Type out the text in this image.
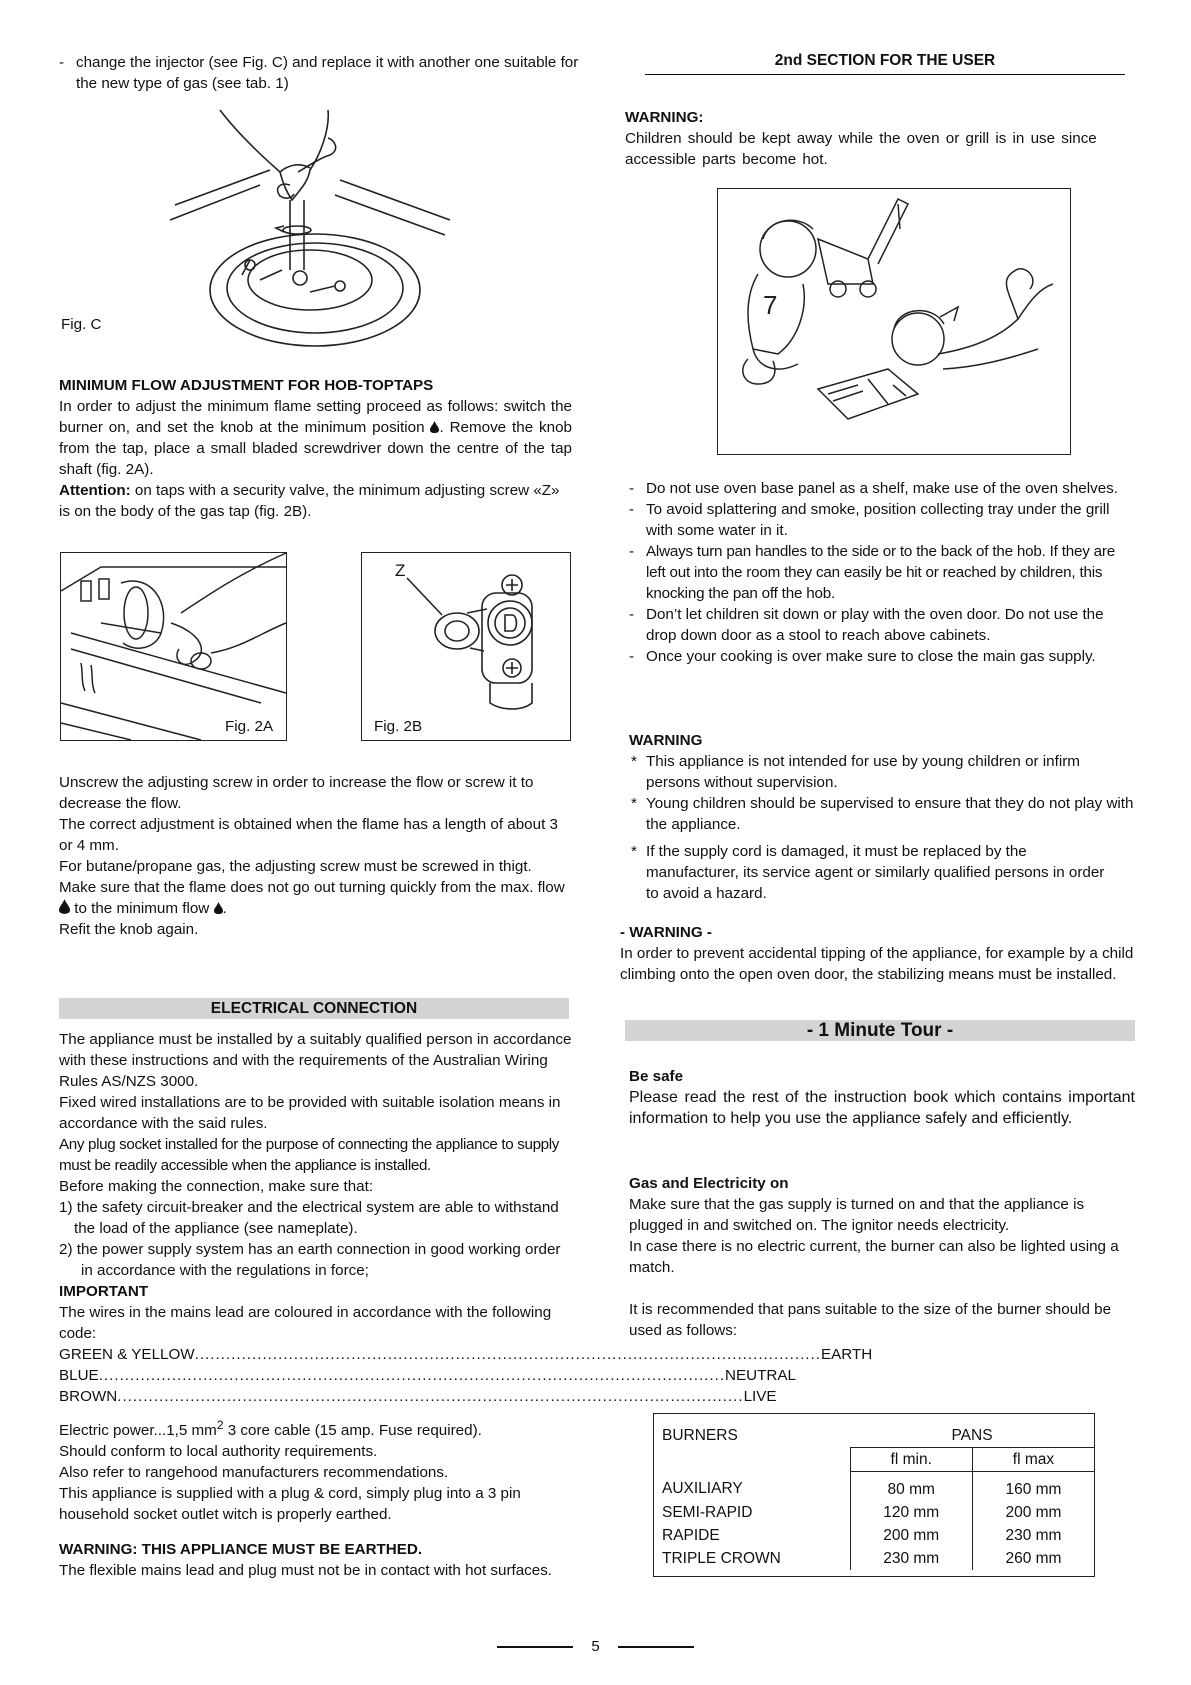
- change the injector (see Fig. C) and replace it with another one suitable for the new type of gas (see tab. 1)
Fig. C

MINIMUM FLOW ADJUSTMENT FOR HOB-TOPTAPS

In order to adjust the minimum flame setting proceed as follows: switch the burner on, and set the knob at the minimum position . Remove the knob from the tap, place a small bladed screwdriver down the centre of the tap shaft (fig. 2A).

Attention: on taps with a security valve, the minimum adjusting screw «Z» is on the body of the gas tap (fig. 2B).

Fig. 2A
Z
Fig. 2B

Unscrew the adjusting screw in order to increase the flow or screw it to decrease the flow.

The correct adjustment is obtained when the flame has a length of about 3 or 4 mm.

For butane/propane gas, the adjusting screw must be screwed in thigt.

Make sure that the flame does not go out turning quickly from the max. flow  to the minimum flow .

Refit the knob again.

ELECTRICAL CONNECTION

The appliance must be installed by a suitably qualified person in accordance with these instructions and with the requirements of the Australian Wiring Rules AS/NZS 3000.

Fixed wired installations are to be provided with suitable isolation means in accordance with the said rules.

Any plug socket installed for the purpose of connecting the appliance to supply must be readily accessible when the appliance is installed.

Before making the connection, make sure that:

1) the safety circuit-breaker and the electrical system are able to withstand the load of the appliance (see nameplate).

2) the power supply system has an earth connection in good working order in accordance with the regulations in force;

IMPORTANT

The wires in the mains lead are coloured in accordance with the following code:

GREEN & YELLOW ........................................................................................................................ EARTH
BLUE ........................................................................................................................ NEUTRAL
BROWN ........................................................................................................................ LIVE

Electric power...1,5 $mm^2$ 3 core cable (15 amp. Fuse required).
Should conform to local authority requirements.

Also refer to rangehood manufacturers recommendations.

This appliance is supplied with a plug & cord, simply plug into a 3 pin household socket outlet witch is properly earthed.

WARNING: THIS APPLIANCE MUST BE EARTHED.

The flexible mains lead and plug must not be in contact with hot surfaces.

2nd SECTION FOR THE USER

WARNING:

Children should be kept away while the oven or grill is in use since accessible parts become hot.

7
- Do not use oven base panel as a shelf, make use of the oven shelves.
- To avoid splattering and smoke, position collecting tray under the grill with some water in it.
- Always turn pan handles to the side or to the back of the hob. If they are left out into the room they can easily be hit or reached by children, this knocking the pan off the hob.
- Don’t let children sit down or play with the oven door. Do not use the drop down door as a stool to reach above cabinets.
- Once your cooking is over make sure to close the main gas supply.

WARNING

* This appliance is not intended for use by young children or infirm persons without supervision.
* Young children should be supervised to ensure that they do not play with the appliance.
* If the supply cord is damaged, it must be replaced by the manufacturer, its service agent or similarly qualified persons in order to avoid a hazard.

- WARNING -

In order to prevent accidental tipping of the appliance, for example by a child climbing onto the open oven door, the stabilizing means must be installed.

- 1 Minute Tour -

Be safe

Please read the rest of the instruction book which contains important information to help you use the appliance safely and efficiently.

Gas and Electricity on

Make sure that the gas supply is turned on and that the appliance is plugged in and switched on. The ignitor needs electricity.

In case there is no electric current, the burner can also be lighted using a match.

It is recommended that pans suitable to the size of the burner should be used as follows:

BURNERS	PANS	
	fl min.	fl max
AUXILIARY	80 mm	160 mm
SEMI-RAPID	120 mm	200 mm
RAPIDE	200 mm	230 mm
TRIPLE CROWN	230 mm	260 mm
5
